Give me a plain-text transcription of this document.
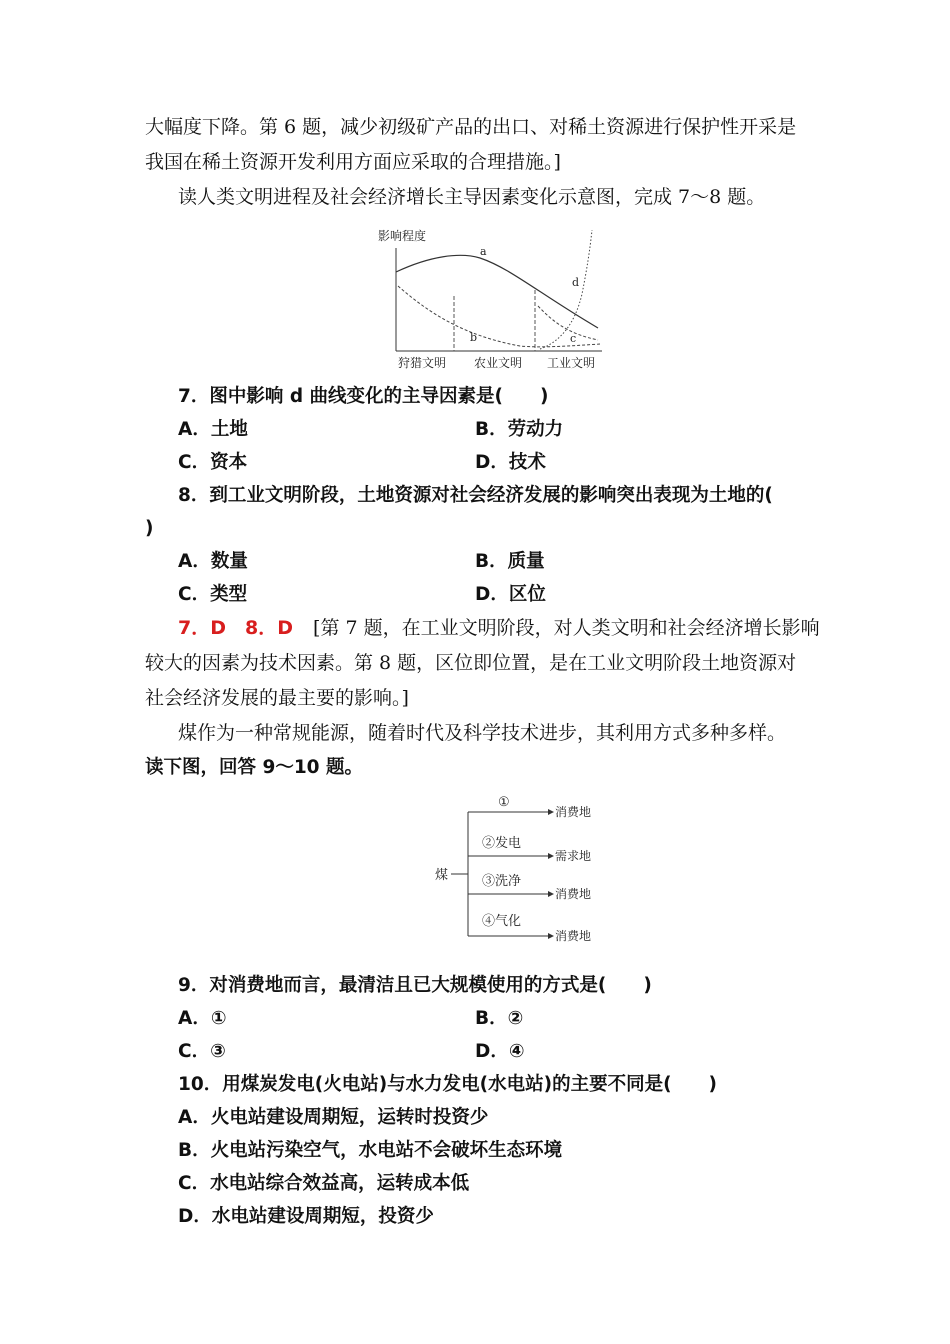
大幅度下降。第 6 题，减少初级矿产品的出口、对稀土资源进行保护性开采是
我国在稀土资源开发利用方面应采取的合理措施。]
读人类文明进程及社会经济增长主导因素变化示意图，完成 7～8 题。
影响程度
a
b	c
d
狩猎文明 农业文明 工业文明
7．图中影响 d 曲线变化的主导因素是(　　)
A．土地	B．劳动力
C．资本	D．技术
8．到工业文明阶段，土地资源对社会经济发展的影响突出表现为土地的(
)
A．数量	B．质量
C．类型	D．区位
7．D　8．D [第 7 题，在工业文明阶段，对人类文明和社会经济增长影响
较大的因素为技术因素。第 8 题，区位即位置，是在工业文明阶段土地资源对
社会经济发展的最主要的影响。]
煤作为一种常规能源，随着时代及科学技术进步，其利用方式多种多样。
读下图，回答 9～10 题。
煤
①
消费地
②发电
需求地
③洗净
消费地
④气化
消费地
9．对消费地而言，最清洁且已大规模使用的方式是(　　)
A．①	B．②
C．③	D．④
10．用煤炭发电(火电站)与水力发电(水电站)的主要不同是(　　)
A．火电站建设周期短，运转时投资少
B．火电站污染空气，水电站不会破坏生态环境
C．水电站综合效益高，运转成本低
D．水电站建设周期短，投资少
